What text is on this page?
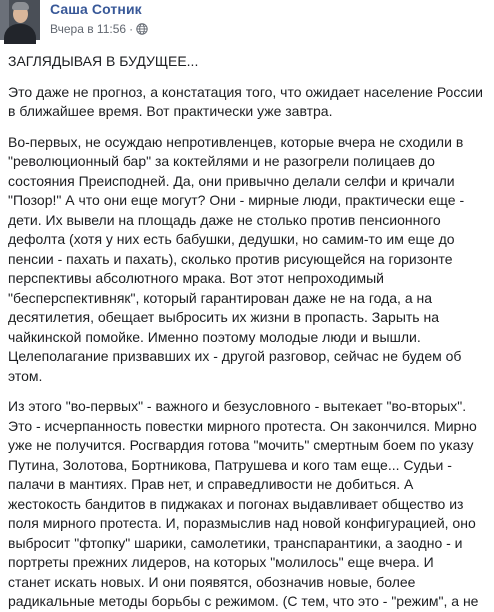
Саша Сотник
Вчера в 11:56 ·
ЗАГЛЯДЫВАЯ В БУДУЩЕЕ...
Это даже не прогноз, а констатация того, что ожидает население России
в ближайшее время. Вот практически уже завтра.
Во-первых, не осуждаю непротивленцев, которые вчера не сходили в
"революционный бар" за коктейлями и не разогрели полицаев до
состояния Преисподней. Да, они привычно делали селфи и кричали
"Позор!" А что они еще могут? Они - мирные люди, практически еще -
дети. Их вывели на площадь даже не столько против пенсионного
дефолта (хотя у них есть бабушки, дедушки, но самим-то им еще до
пенсии - пахать и пахать), сколько против рисующейся на горизонте
перспективы абсолютного мрака. Вот этот непроходимый
"бесперспективняк", который гарантирован даже не на года, а на
десятилетия, обещает выбросить их жизни в пропасть. Зарыть на
чайкинской помойке. Именно поэтому молодые люди и вышли.
Целеполагание призвавших их - другой разговор, сейчас не будем об
этом.
Из этого "во-первых" - важного и безусловного - вытекает "во-вторых".
Это - исчерпанность повестки мирного протеста. Он закончился. Мирно
уже не получится. Росгвардия готова "мочить" смертным боем по указу
Путина, Золотова, Бортникова, Патрушева и кого там еще... Судьи -
палачи в мантиях. Прав нет, и справедливости не добиться. А
жестокость бандитов в пиджаках и погонах выдавливает общество из
поля мирного протеста. И, поразмыслив над новой конфигурацией, оно
выбросит "фтопку" шарики, самолетики, транспарантики, а заодно - и
портреты прежних лидеров, на которых "молилось" еще вчера. И
станет искать новых. И они появятся, обозначив новые, более
радикальные методы борьбы с режимом. (С тем, что это - "режим", а не
